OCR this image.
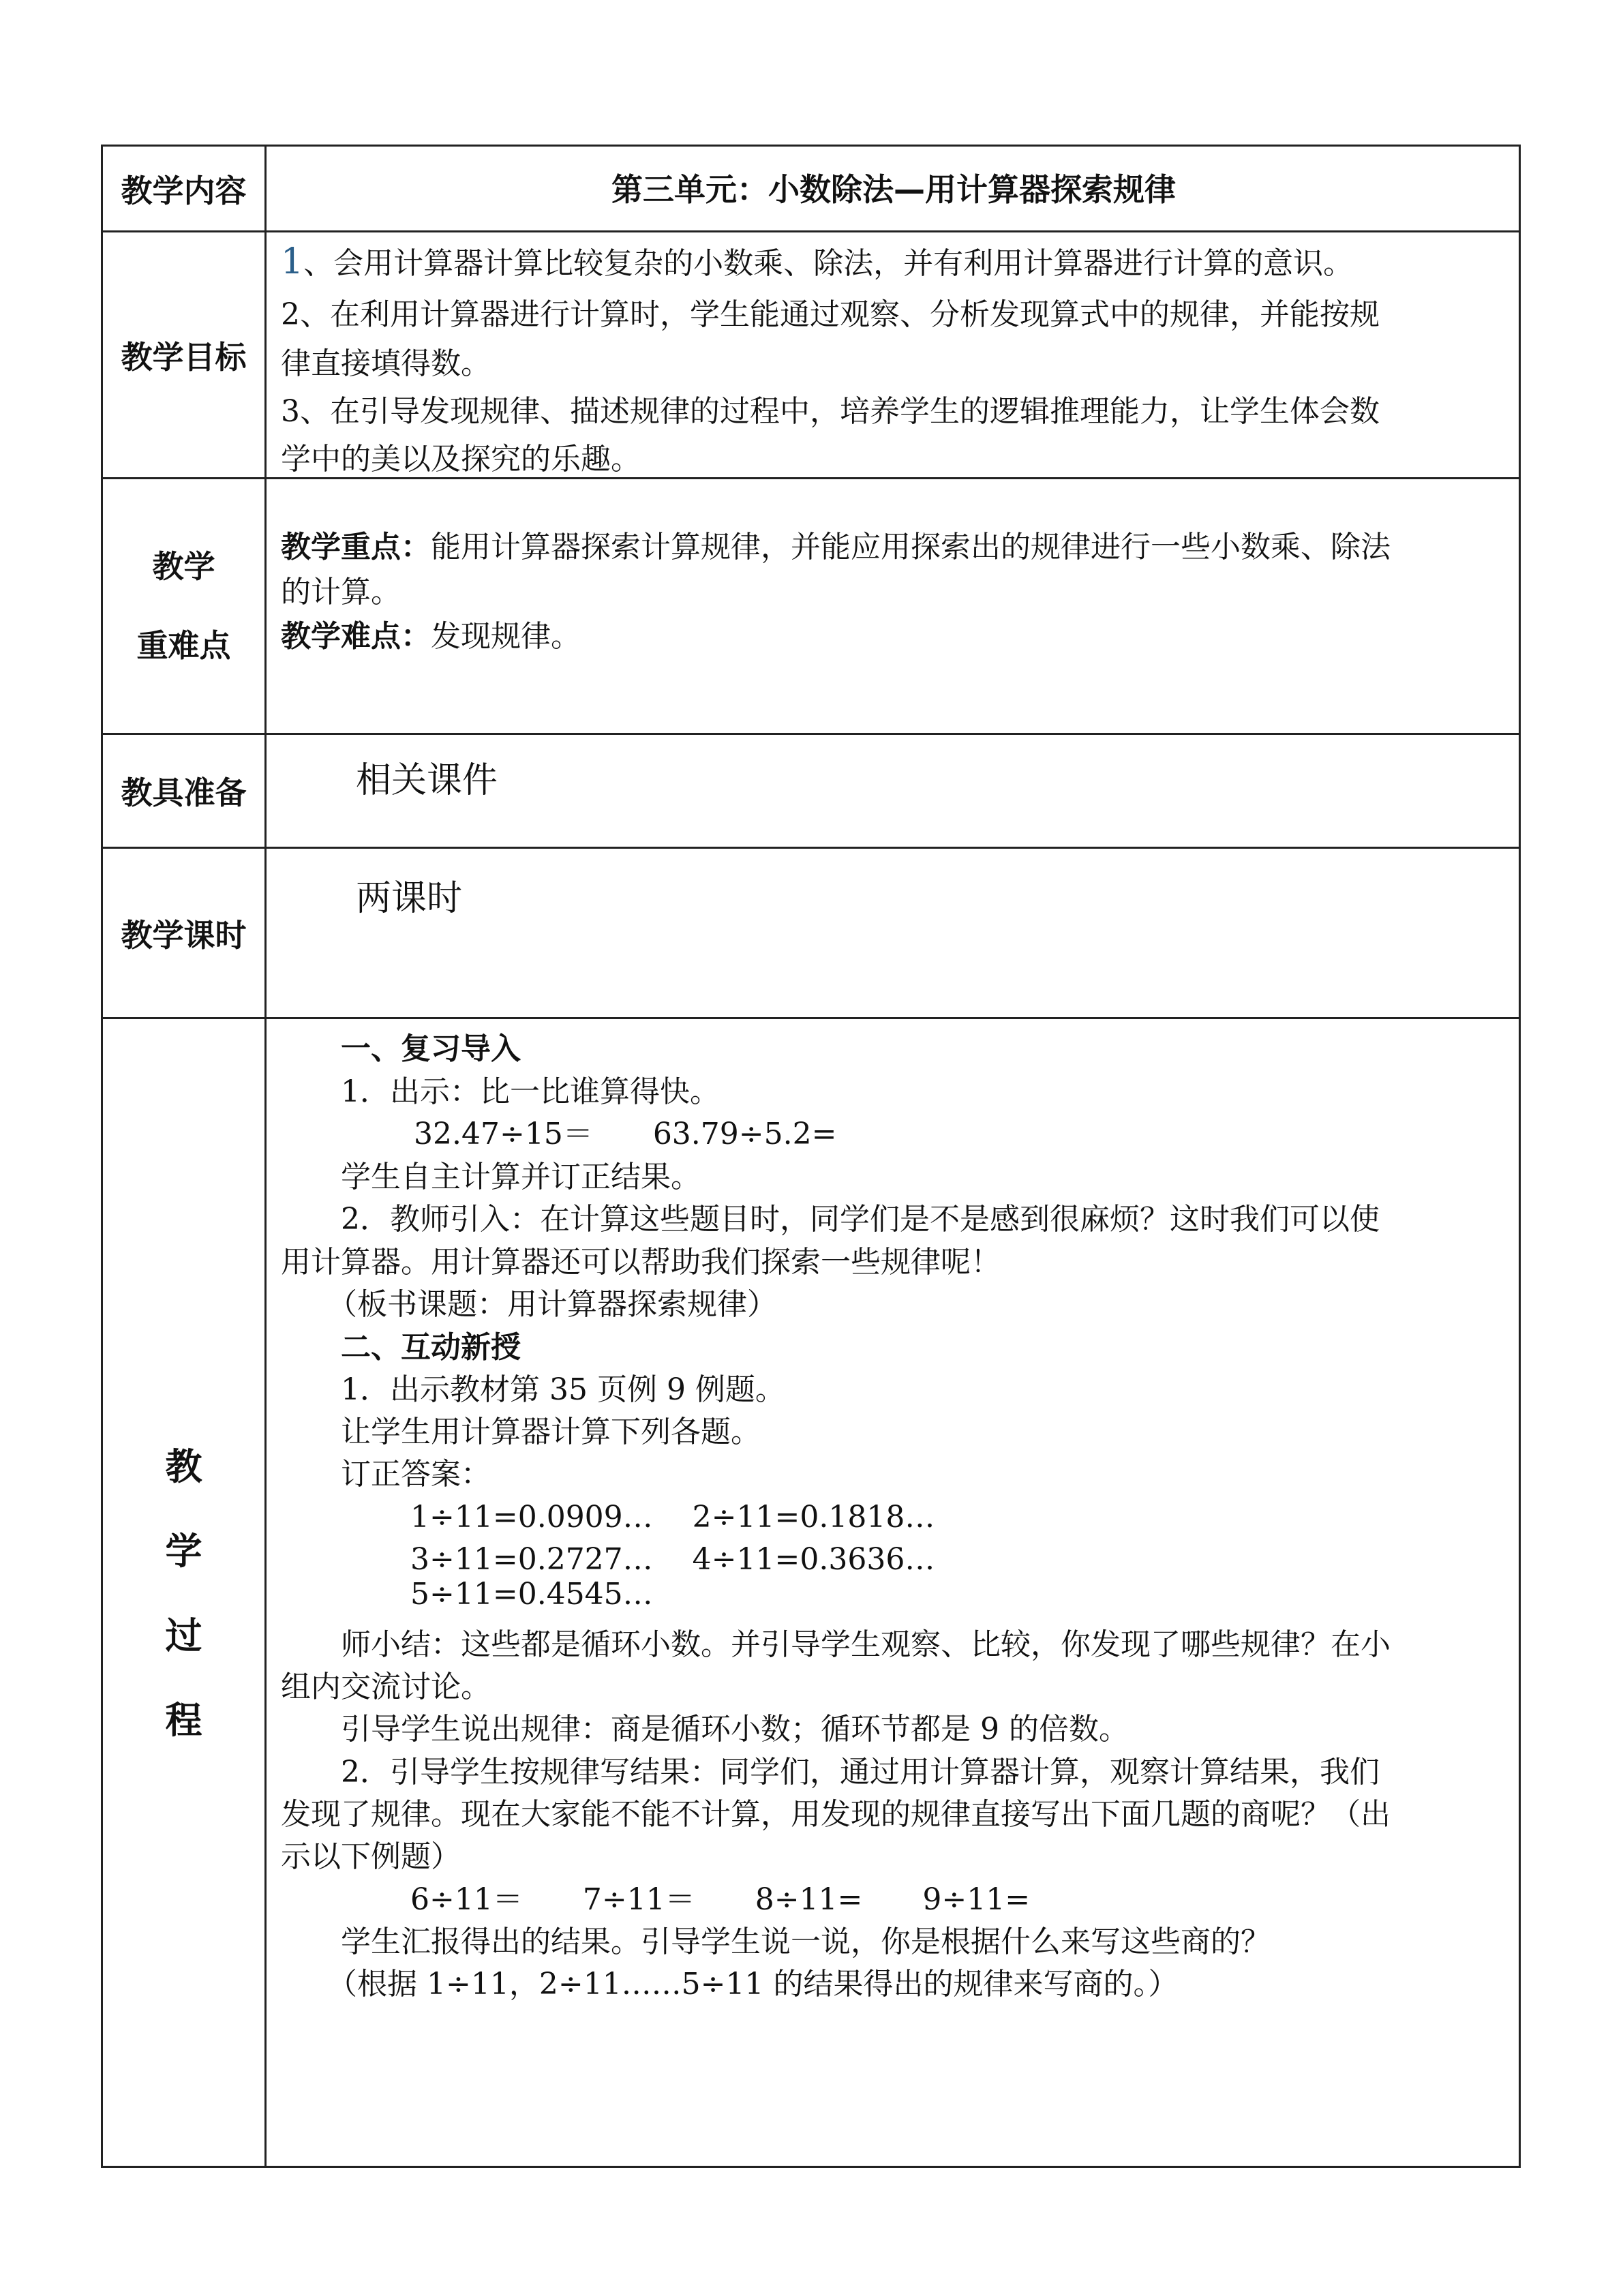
教学内容	第三单元：小数除法—用计算器探索规律
教学目标
1、会用计算器计算比较复杂的小数乘、除法，并有利用计算器进行计算的意识。
2、在利用计算器进行计算时，学生能通过观察、分析发现算式中的规律，并能按规
律直接填得数。
3、在引导发现规律、描述规律的过程中，培养学生的逻辑推理能力，让学生体会数
学中的美以及探究的乐趣。
教学
重难点
教学重点：能用计算器探索计算规律，并能应用探索出的规律进行一些小数乘、除法
的计算。
教学难点：发现规律。
教具准备	相关课件
教学课时
两课时
教
学
过
程
一、复习导入
1．出示：比一比谁算得快。
32.47÷15＝　　63.79÷5.2=
学生自主计算并订正结果。
2．教师引入：在计算这些题目时，同学们是不是感到很麻烦？这时我们可以使
用计算器。用计算器还可以帮助我们探索一些规律呢！
（板书课题：用计算器探索规律）
二、互动新授
1．出示教材第 35 页例 9 例题。
让学生用计算器计算下列各题。
订正答案：
1÷11=0.0909…　 2÷11=0.1818…
3÷11=0.2727…　 4÷11=0.3636…
5÷11=0.4545…
师小结：这些都是循环小数。并引导学生观察、比较，你发现了哪些规律？在小
组内交流讨论。
引导学生说出规律：商是循环小数；循环节都是 9 的倍数。
2．引导学生按规律写结果：同学们，通过用计算器计算，观察计算结果，我们
发现了规律。现在大家能不能不计算，用发现的规律直接写出下面几题的商呢？（出
示以下例题）
6÷11＝　　7÷11＝　　8÷11=　　9÷11=
学生汇报得出的结果。引导学生说一说，你是根据什么来写这些商的？
（根据 1÷11，2÷11……5÷11 的结果得出的规律来写商的。）
